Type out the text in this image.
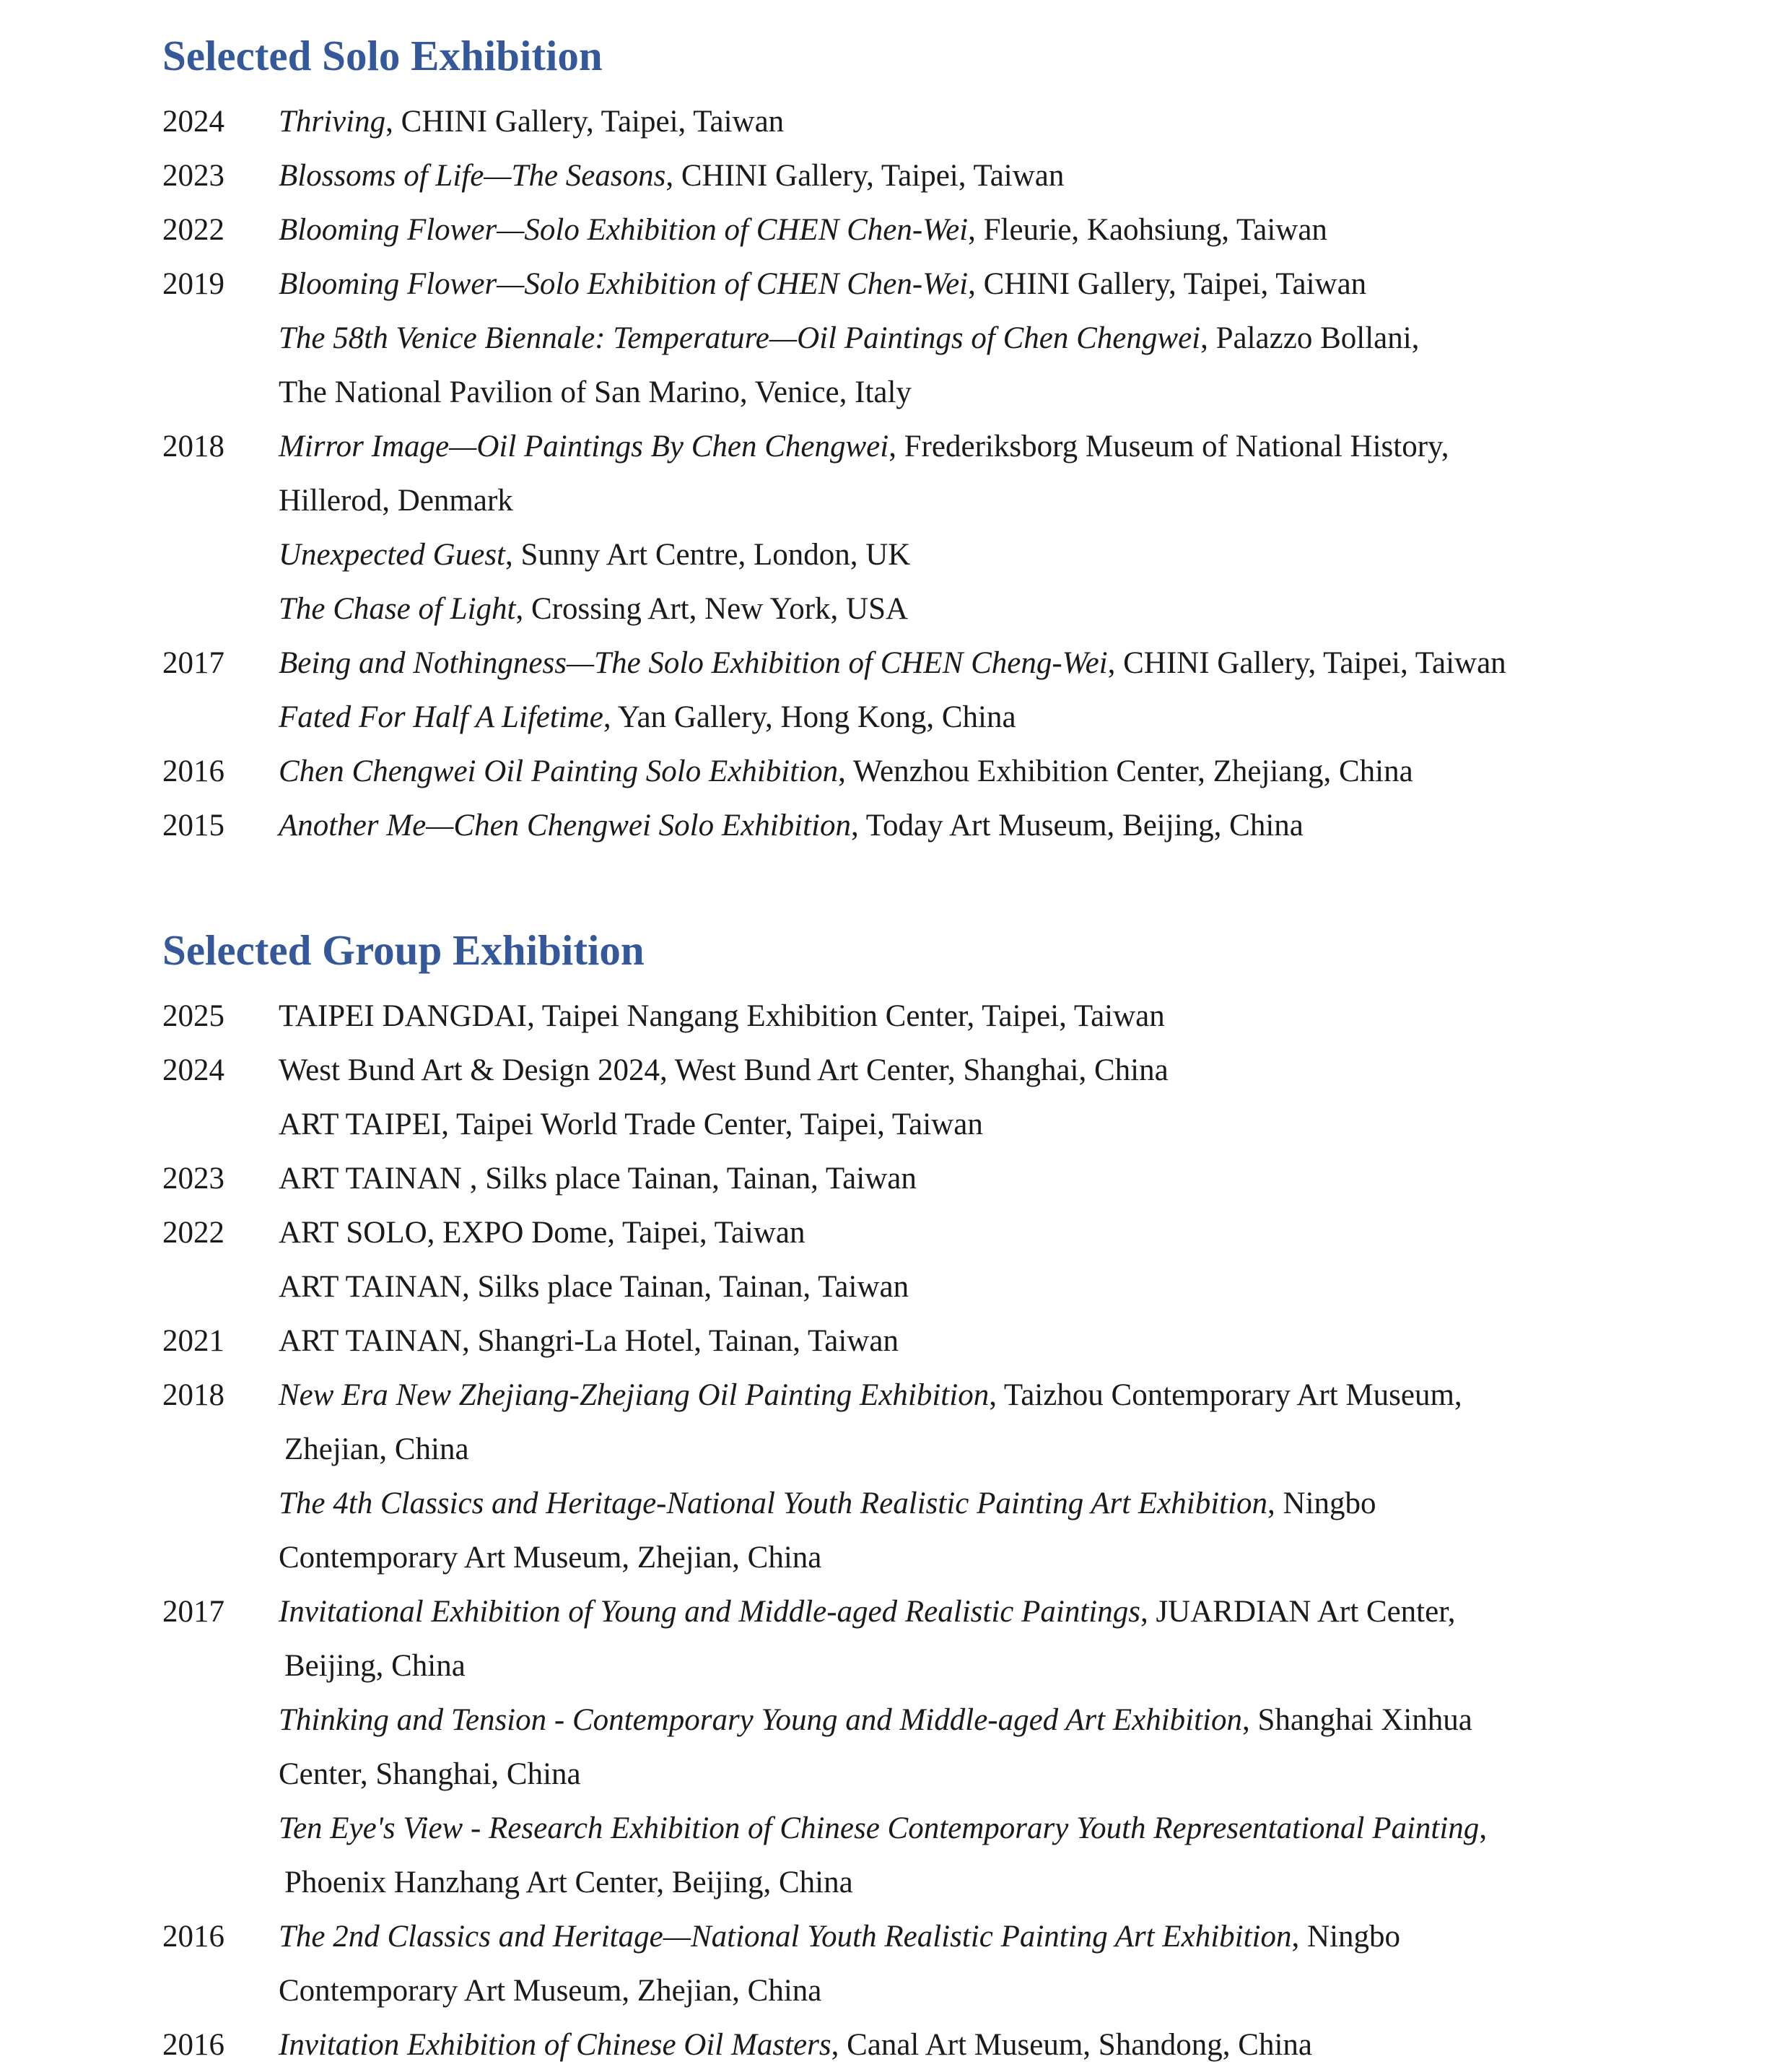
Selected Solo Exhibition
2024	Thriving, CHINI Gallery, Taipei, Taiwan
2023	Blossoms of Life—The Seasons, CHINI Gallery, Taipei, Taiwan
2022	Blooming Flower—Solo Exhibition of CHEN Chen-Wei, Fleurie, Kaohsiung, Taiwan
2019	Blooming Flower—Solo Exhibition of CHEN Chen-Wei, CHINI Gallery, Taipei, Taiwan
The 58th Venice Biennale: Temperature—Oil Paintings of Chen Chengwei, Palazzo Bollani,
The National Pavilion of San Marino, Venice, Italy
2018	Mirror Image—Oil Paintings By Chen Chengwei, Frederiksborg Museum of National History,
Hillerod, Denmark
Unexpected Guest, Sunny Art Centre, London, UK
The Chase of Light, Crossing Art, New York, USA
2017	Being and Nothingness—The Solo Exhibition of CHEN Cheng-Wei, CHINI Gallery, Taipei, Taiwan
Fated For Half A Lifetime, Yan Gallery, Hong Kong, China
2016	Chen Chengwei Oil Painting Solo Exhibition, Wenzhou Exhibition Center, Zhejiang, China
2015	Another Me—Chen Chengwei Solo Exhibition, Today Art Museum, Beijing, China
Selected Group Exhibition
2025	TAIPEI DANGDAI, Taipei Nangang Exhibition Center, Taipei, Taiwan
2024	West Bund Art & Design 2024, West Bund Art Center, Shanghai, China
ART TAIPEI, Taipei World Trade Center, Taipei, Taiwan
2023	ART TAINAN , Silks place Tainan, Tainan, Taiwan
2022	ART SOLO, EXPO Dome, Taipei, Taiwan
ART TAINAN, Silks place Tainan, Tainan, Taiwan
2021	ART TAINAN, Shangri-La Hotel, Tainan, Taiwan
2018	New Era New Zhejiang-Zhejiang Oil Painting Exhibition, Taizhou Contemporary Art Museum,
Zhejian, China
The 4th Classics and Heritage-National Youth Realistic Painting Art Exhibition, Ningbo
Contemporary Art Museum, Zhejian, China
2017	Invitational Exhibition of Young and Middle-aged Realistic Paintings, JUARDIAN Art Center,
Beijing, China
Thinking and Tension - Contemporary Young and Middle-aged Art Exhibition, Shanghai Xinhua
Center, Shanghai, China
Ten Eye's View - Research Exhibition of Chinese Contemporary Youth Representational Painting,
Phoenix Hanzhang Art Center, Beijing, China
2016	The 2nd Classics and Heritage—National Youth Realistic Painting Art Exhibition, Ningbo
Contemporary Art Museum, Zhejian, China
2016	Invitation Exhibition of Chinese Oil Masters, Canal Art Museum, Shandong, China
